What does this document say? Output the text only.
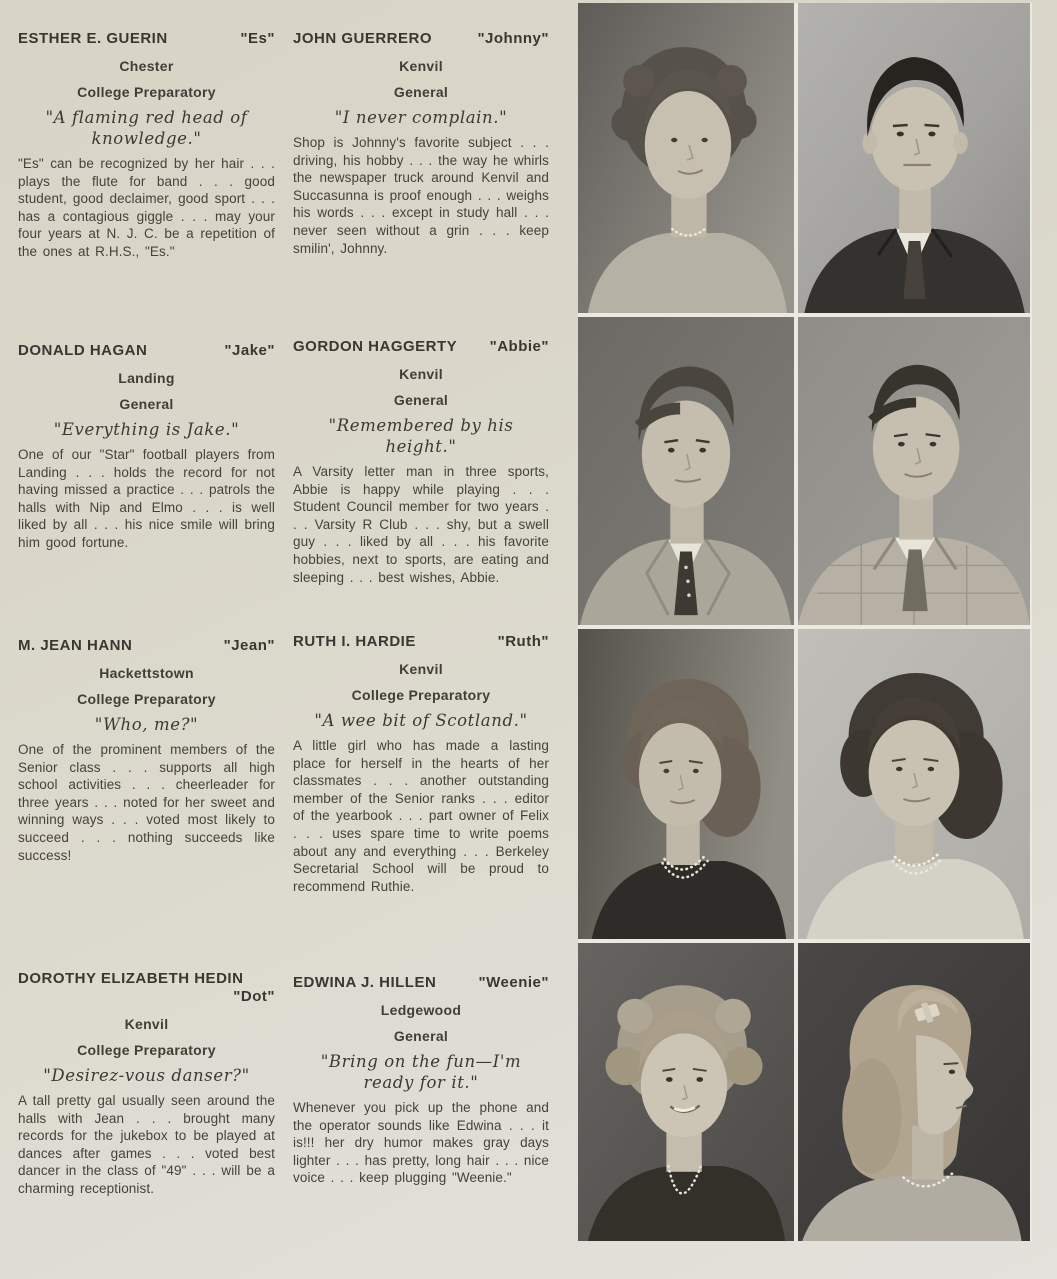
ESTHER E. GUERIN	"Es"
Chester
College Preparatory
"A flaming red head of
knowledge."
"Es" can be recognized by her hair . . . plays the flute for band . . . good student, good declaimer, good sport . . . has a contagious giggle . . . may your four years at N. J. C. be a repetition of the ones at R.H.S., "Es."
JOHN GUERRERO	"Johnny"
Kenvil
General
"I never complain."
Shop is Johnny's favorite subject . . . driving, his hobby . . . the way he whirls the newspaper truck around Kenvil and Succasunna is proof enough . . . weighs his words . . . except in study hall . . . never seen without a grin . . . keep smilin', Johnny.
DONALD HAGAN	"Jake"
Landing
General
"Everything is Jake."
One of our "Star" football players from Landing . . . holds the record for not having missed a practice . . . patrols the halls with Nip and Elmo . . . is well liked by all . . . his nice smile will bring him good fortune.
GORDON HAGGERTY "Abbie"
Kenvil
General
"Remembered by his height."
A Varsity letter man in three sports, Abbie is happy while playing . . . Student Council member for two years . . . Varsity R Club . . . shy, but a swell guy . . . liked by all . . . his favorite hobbies, next to sports, are eating and sleeping . . . best wishes, Abbie.
M. JEAN HANN	"Jean"
Hackettstown
College Preparatory
"Who, me?"
One of the prominent members of the Senior class . . . supports all high school activities . . . cheerleader for three years . . . noted for her sweet and winning ways . . . voted most likely to succeed . . . nothing succeeds like success!
RUTH I. HARDIE	"Ruth"
Kenvil
College Preparatory
"A wee bit of Scotland."
A little girl who has made a lasting place for herself in the hearts of her classmates . . . another outstanding member of the Senior ranks . . . editor of the yearbook . . . part owner of Felix . . . uses spare time to write poems about any and everything . . . Berkeley Secretarial School will be proud to recommend Ruthie.
DOROTHY ELIZABETH HEDIN
"Dot"
Kenvil
College Preparatory
"Desirez-vous danser?"
A tall pretty gal usually seen around the halls with Jean . . . brought many records for the jukebox to be played at dances after games . . . voted best dancer in the class of "49" . . . will be a charming receptionist.
EDWINA J. HILLEN	"Weenie"
Ledgewood
General
"Bring on the fun—I'm
ready for it."
Whenever you pick up the phone and the operator sounds like Edwina . . . it is!!! her dry humor makes gray days lighter . . . has pretty, long hair . . . nice voice . . . keep plugging "Weenie."
